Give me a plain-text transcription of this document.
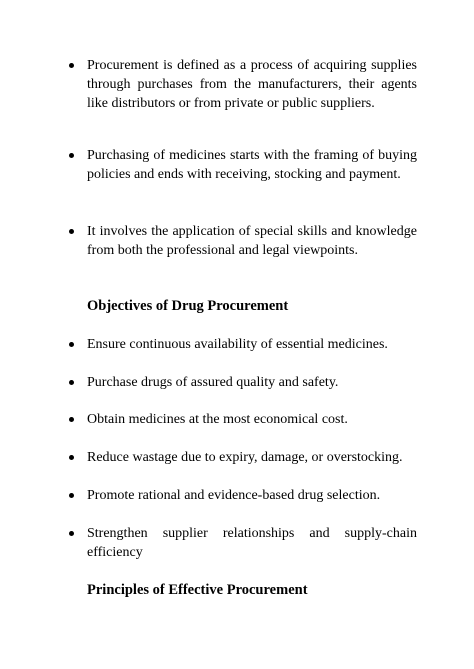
Procurement is defined as a process of acquiring supplies through purchases from the manufacturers, their agents like distributors or from private or public suppliers.
Purchasing of medicines starts with the framing of buying policies and ends with receiving, stocking and payment.
It involves the application of special skills and knowledge from both the professional and legal viewpoints.
Objectives of Drug Procurement
Ensure continuous availability of essential medicines.
Purchase drugs of assured quality and safety.
Obtain medicines at the most economical cost.
Reduce wastage due to expiry, damage, or overstocking.
Promote rational and evidence-based drug selection.
Strengthen supplier relationships and supply-chain efficiency
Principles of Effective Procurement
